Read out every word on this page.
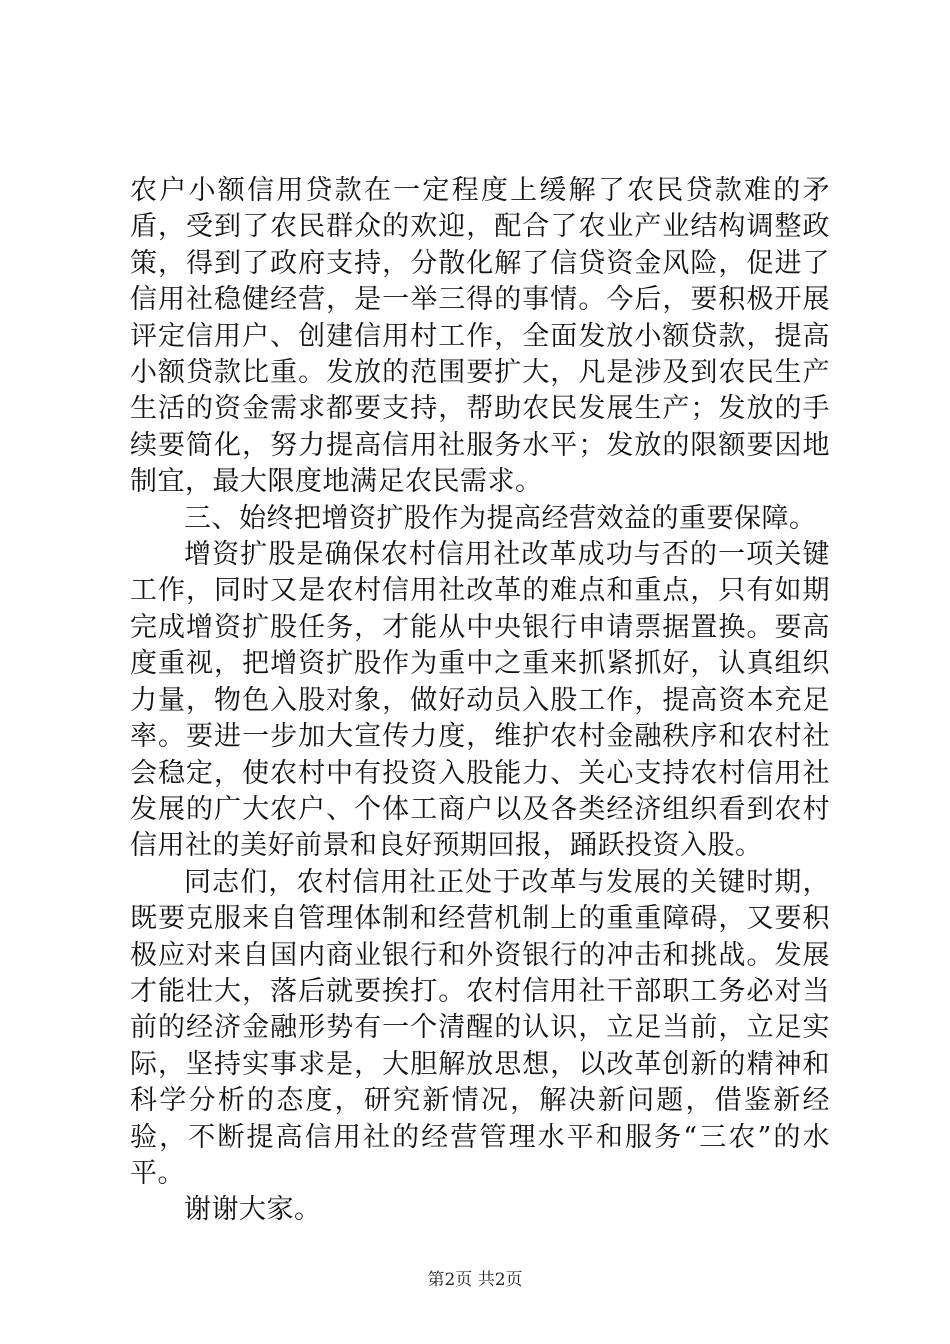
农户小额信用贷款在一定程度上缓解了农民贷款难的矛盾，受到了农民群众的欢迎，配合了农业产业结构调整政策，得到了政府支持，分散化解了信贷资金风险，促进了信用社稳健经营，是一举三得的事情。今后，要积极开展评定信用户、创建信用村工作，全面发放小额贷款，提高小额贷款比重。发放的范围要扩大，凡是涉及到农民生产生活的资金需求都要支持，帮助农民发展生产；发放的手续要简化，努力提高信用社服务水平；发放的限额要因地制宜，最大限度地满足农民需求。

三、始终把增资扩股作为提高经营效益的重要保障。

增资扩股是确保农村信用社改革成功与否的一项关键工作，同时又是农村信用社改革的难点和重点，只有如期完成增资扩股任务，才能从中央银行申请票据置换。要高度重视，把增资扩股作为重中之重来抓紧抓好，认真组织力量，物色入股对象，做好动员入股工作，提高资本充足率。要进一步加大宣传力度，维护农村金融秩序和农村社会稳定，使农村中有投资入股能力、关心支持农村信用社发展的广大农户、个体工商户以及各类经济组织看到农村信用社的美好前景和良好预期回报，踊跃投资入股。

同志们，农村信用社正处于改革与发展的关键时期，既要克服来自管理体制和经营机制上的重重障碍，又要积极应对来自国内商业银行和外资银行的冲击和挑战。发展才能壮大，落后就要挨打。农村信用社干部职工务必对当前的经济金融形势有一个清醒的认识，立足当前，立足实际，坚持实事求是，大胆解放思想，以改革创新的精神和科学分析的态度，研究新情况，解决新问题，借鉴新经验，不断提高信用社的经营管理水平和服务“三农”的水平。

谢谢大家。

第2页 共2页
